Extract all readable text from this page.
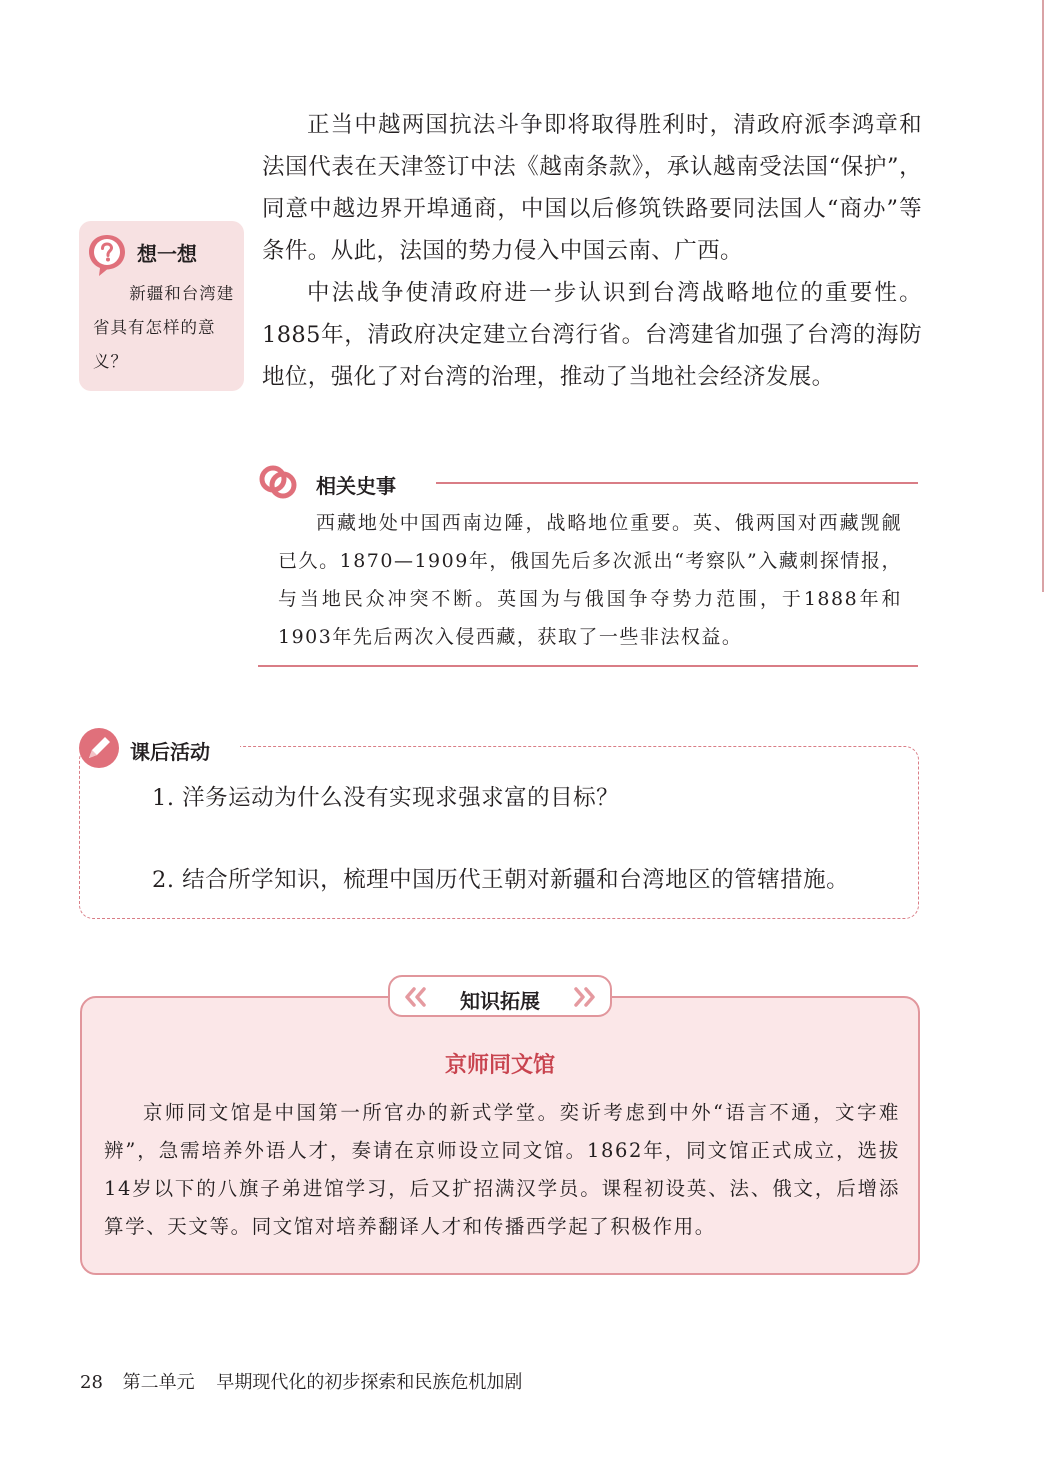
正当中越两国抗法斗争即将取得胜利时，清政府派李鸿章和法国代表在天津签订中法《越南条款》，承认越南受法国“保护”，同意中越边界开埠通商，中国以后修筑铁路要同法国人“商办”等条件。从此，法国的势力侵入中国云南、广西。

中法战争使清政府进一步认识到台湾战略地位的重要性。1885年，清政府决定建立台湾行省。台湾建省加强了台湾的海防地位，强化了对台湾的治理，推动了当地社会经济发展。

想一想
新疆和台湾建省具有怎样的意义？
相关史事

西藏地处中国西南边陲，战略地位重要。英、俄两国对西藏觊觎已久。1870—1909年，俄国先后多次派出“考察队”入藏刺探情报，与当地民众冲突不断。英国为与俄国争夺势力范围，于1888年和1903年先后两次入侵西藏，获取了一些非法权益。

课后活动
1. 洋务运动为什么没有实现求强求富的目标？
2. 结合所学知识，梳理中国历代王朝对新疆和台湾地区的管辖措施。
知识拓展
京师同文馆

京师同文馆是中国第一所官办的新式学堂。奕䜣考虑到中外“语言不通，文字难辨”，急需培养外语人才，奏请在京师设立同文馆。1862年，同文馆正式成立，选拔14岁以下的八旗子弟进馆学习，后又扩招满汉学员。课程初设英、法、俄文，后增添算学、天文等。同文馆对培养翻译人才和传播西学起了积极作用。

28 第二单元 早期现代化的初步探索和民族危机加剧
